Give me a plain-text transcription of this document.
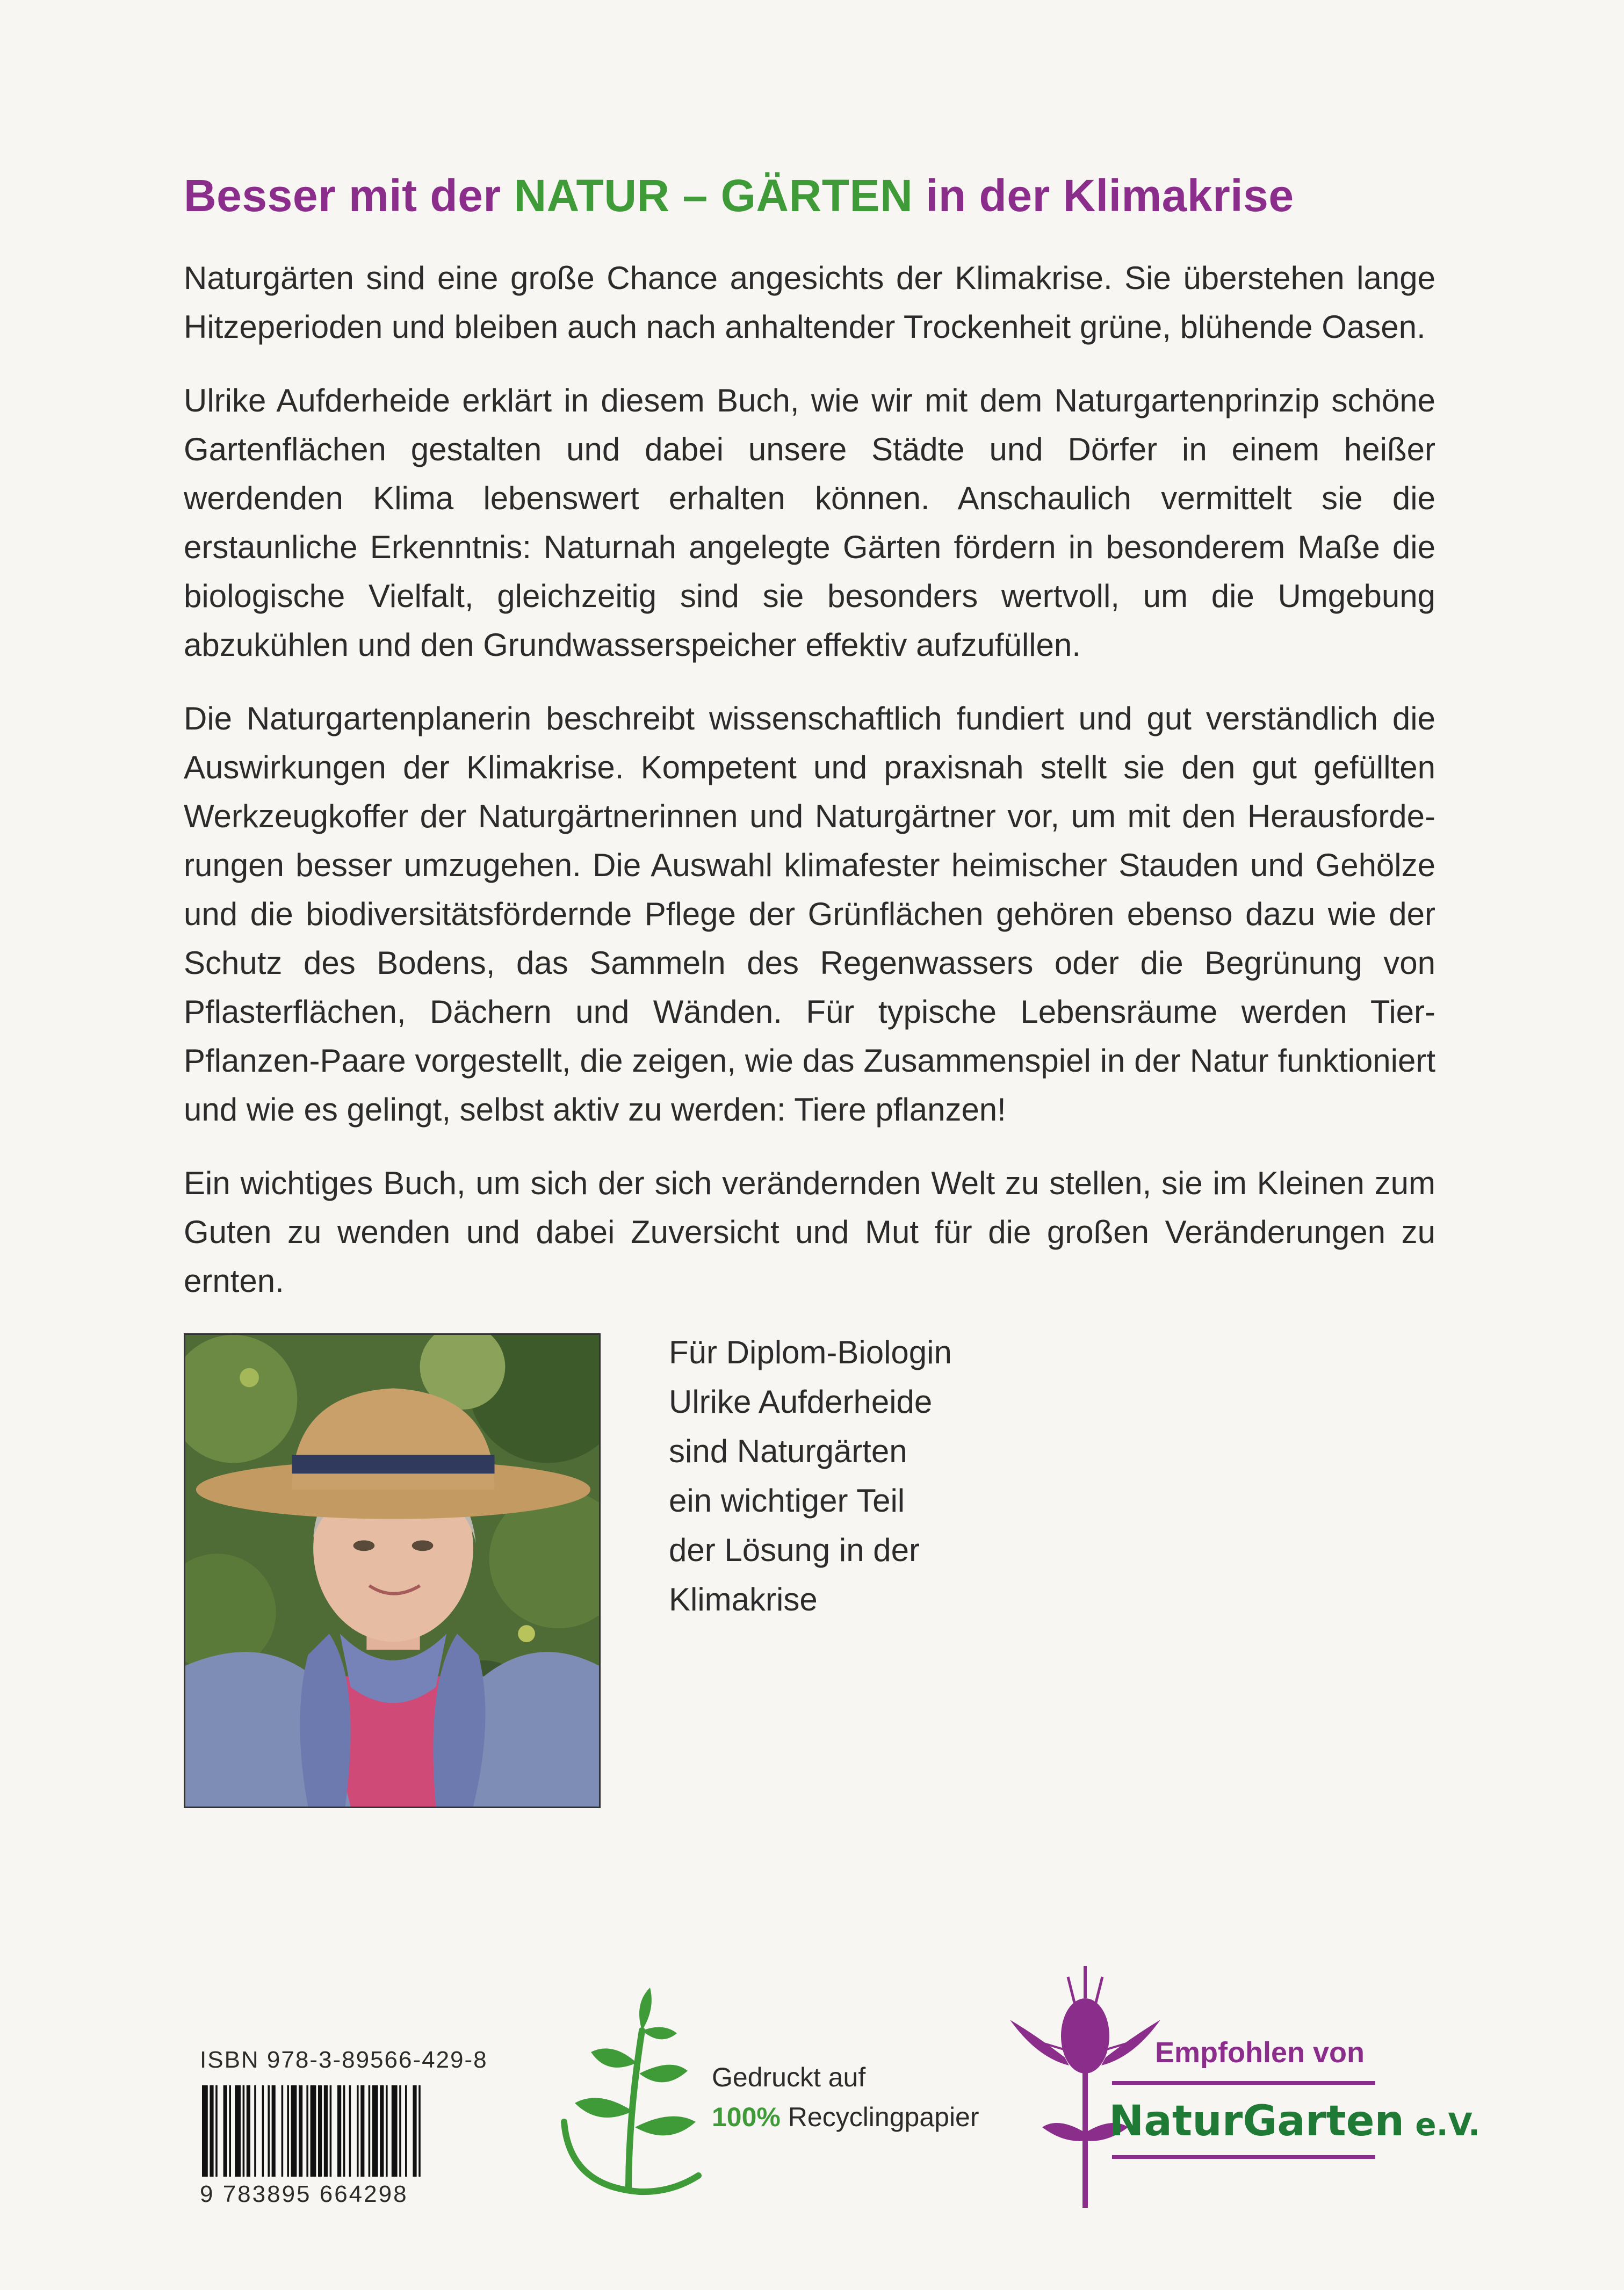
Besser mit der NATUR – GÄRTEN in der Klimakrise

Naturgärten sind eine große Chance angesichts der Klimakrise. Sie überstehen lange Hitzeperioden und bleiben auch nach anhaltender Trockenheit grüne, blühende Oasen.

Ulrike Aufderheide erklärt in diesem Buch, wie wir mit dem Naturgartenprinzip schöne Gartenflächen gestalten und dabei unsere Städte und Dörfer in einem heißer werdenden Klima lebenswert erhalten können. Anschaulich vermittelt sie die erstaunliche Erkenntnis: Naturnah angelegte Gärten fördern in besonderem Maße die biologische Vielfalt, gleichzeitig sind sie besonders wertvoll, um die Umgebung abzukühlen und den Grundwasserspeicher effektiv aufzufüllen.

Die Naturgartenplanerin beschreibt wissenschaftlich fundiert und gut verständlich die Auswirkungen der Klimakrise. Kompetent und praxisnah stellt sie den gut gefüllten Werkzeugkoffer der Naturgärtnerinnen und Naturgärtner vor, um mit den Herausforderungen besser umzugehen. Die Auswahl klimafester heimischer Stauden und Gehölze und die biodiversitätsfördernde Pflege der Grünflächen gehören ebenso dazu wie der Schutz des Bodens, das Sammeln des Regenwassers oder die Begrünung von Pflasterflächen, Dächern und Wänden. Für typische Lebensräume werden Tier-Pflanzen-Paare vorgestellt, die zeigen, wie das Zusammenspiel in der Natur funktioniert und wie es gelingt, selbst aktiv zu werden: Tiere pflanzen!

Ein wichtiges Buch, um sich der sich verändernden Welt zu stellen, sie im Kleinen zum Guten zu wenden und dabei Zuversicht und Mut für die großen Veränderungen zu ernten.

Für Diplom-Biologin
Ulrike Aufderheide
sind Naturgärten
ein wichtiger Teil
der Lösung in der
Klimakrise

ISBN 978-3-89566-429-8
9 783895 664298
Gedruckt auf
100% Recyclingpapier
Empfohlen von
NaturGarten e.V.
